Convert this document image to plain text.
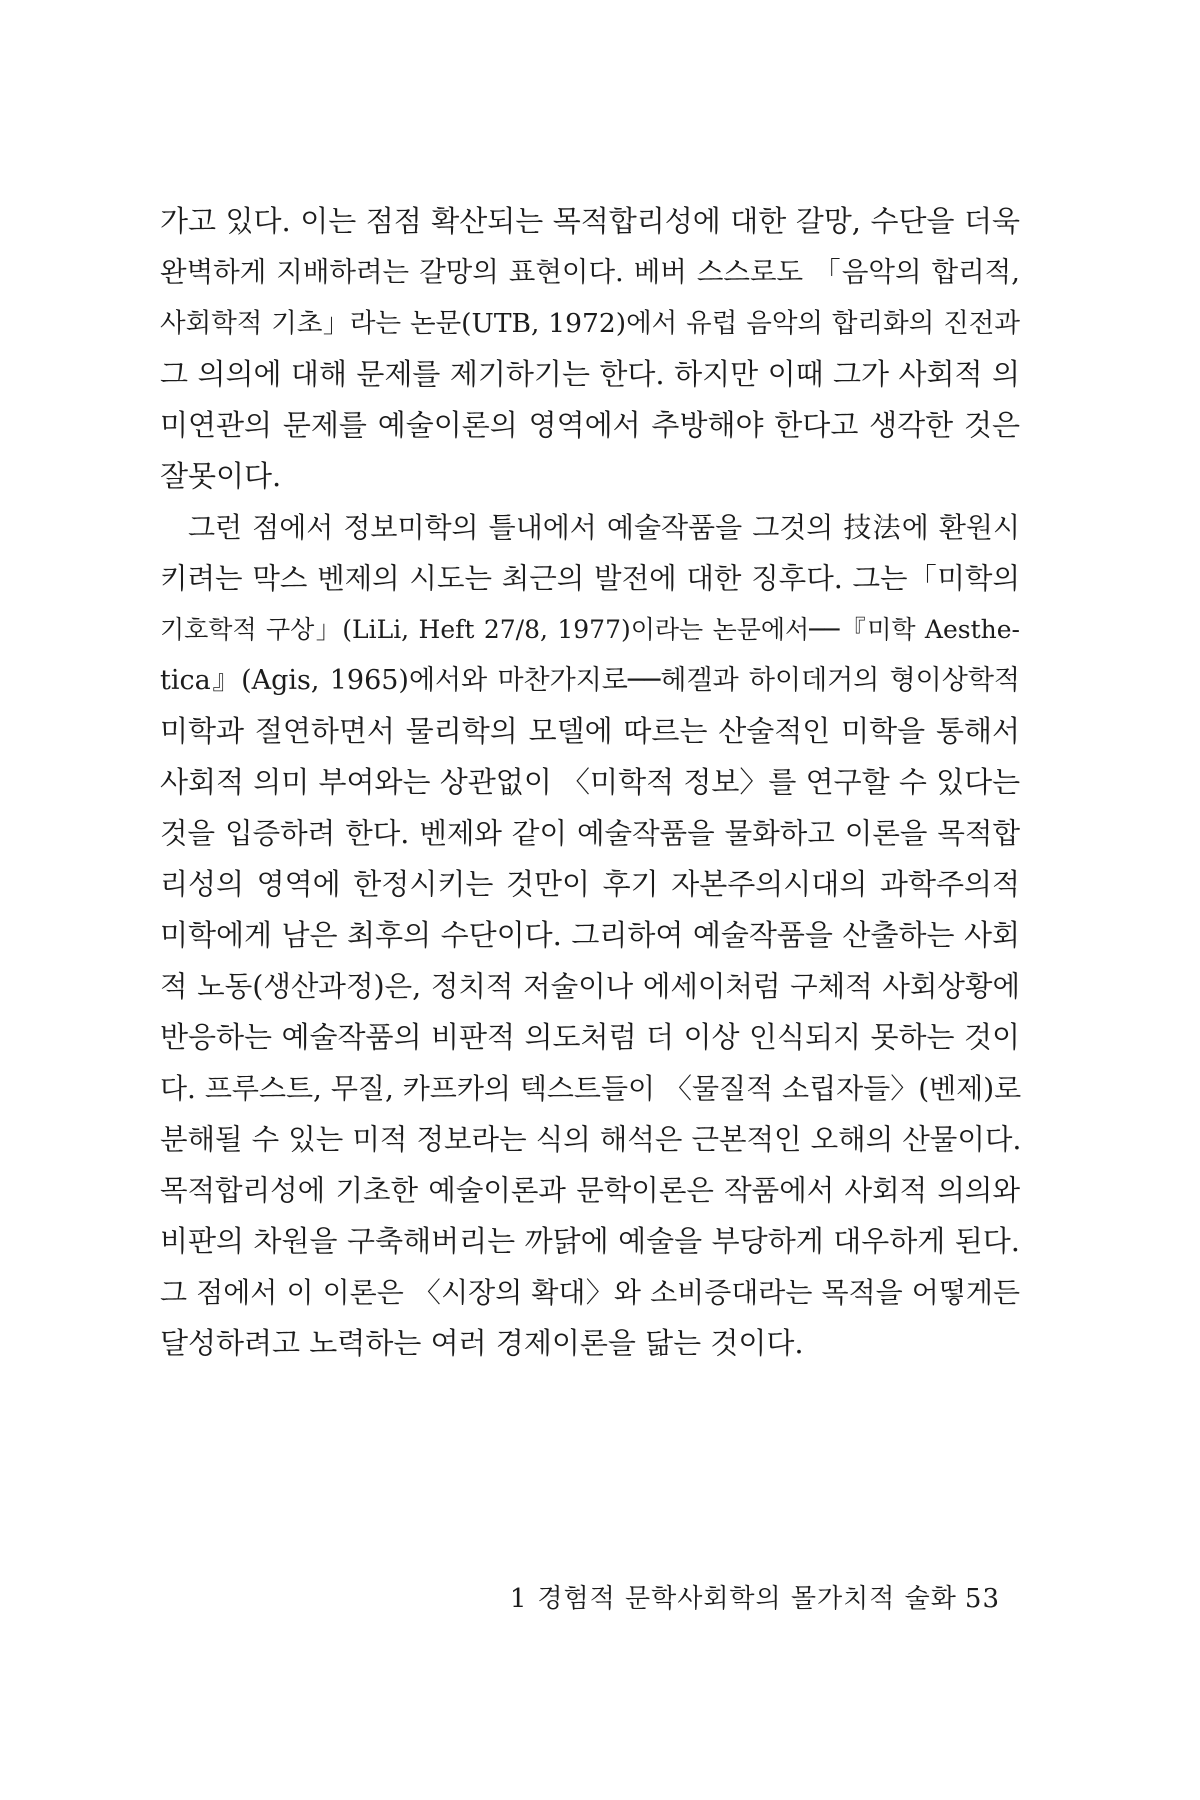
가고 있다. 이는 점점 확산되는 목적합리성에 대한 갈망, 수단을 더욱
완벽하게 지배하려는 갈망의 표현이다. 베버 스스로도 「음악의 합리적,
사회학적 기초」라는 논문(UTB, 1972)에서 유럽 음악의 합리화의 진전과
그 의의에 대해 문제를 제기하기는 한다. 하지만 이때 그가 사회적 의
미연관의 문제를 예술이론의 영역에서 추방해야 한다고 생각한 것은
잘못이다.
그런 점에서 정보미학의 틀내에서 예술작품을 그것의 技法에 환원시
키려는 막스 벤제의 시도는 최근의 발전에 대한 징후다. 그는「미학의
기호학적 구상」(LiLi, Heft 27/8, 1977)이라는 논문에서──『미학 Aesthe-
tica』(Agis, 1965)에서와 마찬가지로──헤겔과 하이데거의 형이상학적
미학과 절연하면서 물리학의 모델에 따르는 산술적인 미학을 통해서
사회적 의미 부여와는 상관없이 〈미학적 정보〉를 연구할 수 있다는
것을 입증하려 한다. 벤제와 같이 예술작품을 물화하고 이론을 목적합
리성의 영역에 한정시키는 것만이 후기 자본주의시대의 과학주의적
미학에게 남은 최후의 수단이다. 그리하여 예술작품을 산출하는 사회
적 노동(생산과정)은, 정치적 저술이나 에세이처럼 구체적 사회상황에
반응하는 예술작품의 비판적 의도처럼 더 이상 인식되지 못하는 것이
다. 프루스트, 무질, 카프카의 텍스트들이 〈물질적 소립자들〉(벤제)로
분해될 수 있는 미적 정보라는 식의 해석은 근본적인 오해의 산물이다.
목적합리성에 기초한 예술이론과 문학이론은 작품에서 사회적 의의와
비판의 차원을 구축해버리는 까닭에 예술을 부당하게 대우하게 된다.
그 점에서 이 이론은 〈시장의 확대〉와 소비증대라는 목적을 어떻게든
달성하려고 노력하는 여러 경제이론을 닮는 것이다.
1 경험적 문학사회학의 몰가치적 술화 53
